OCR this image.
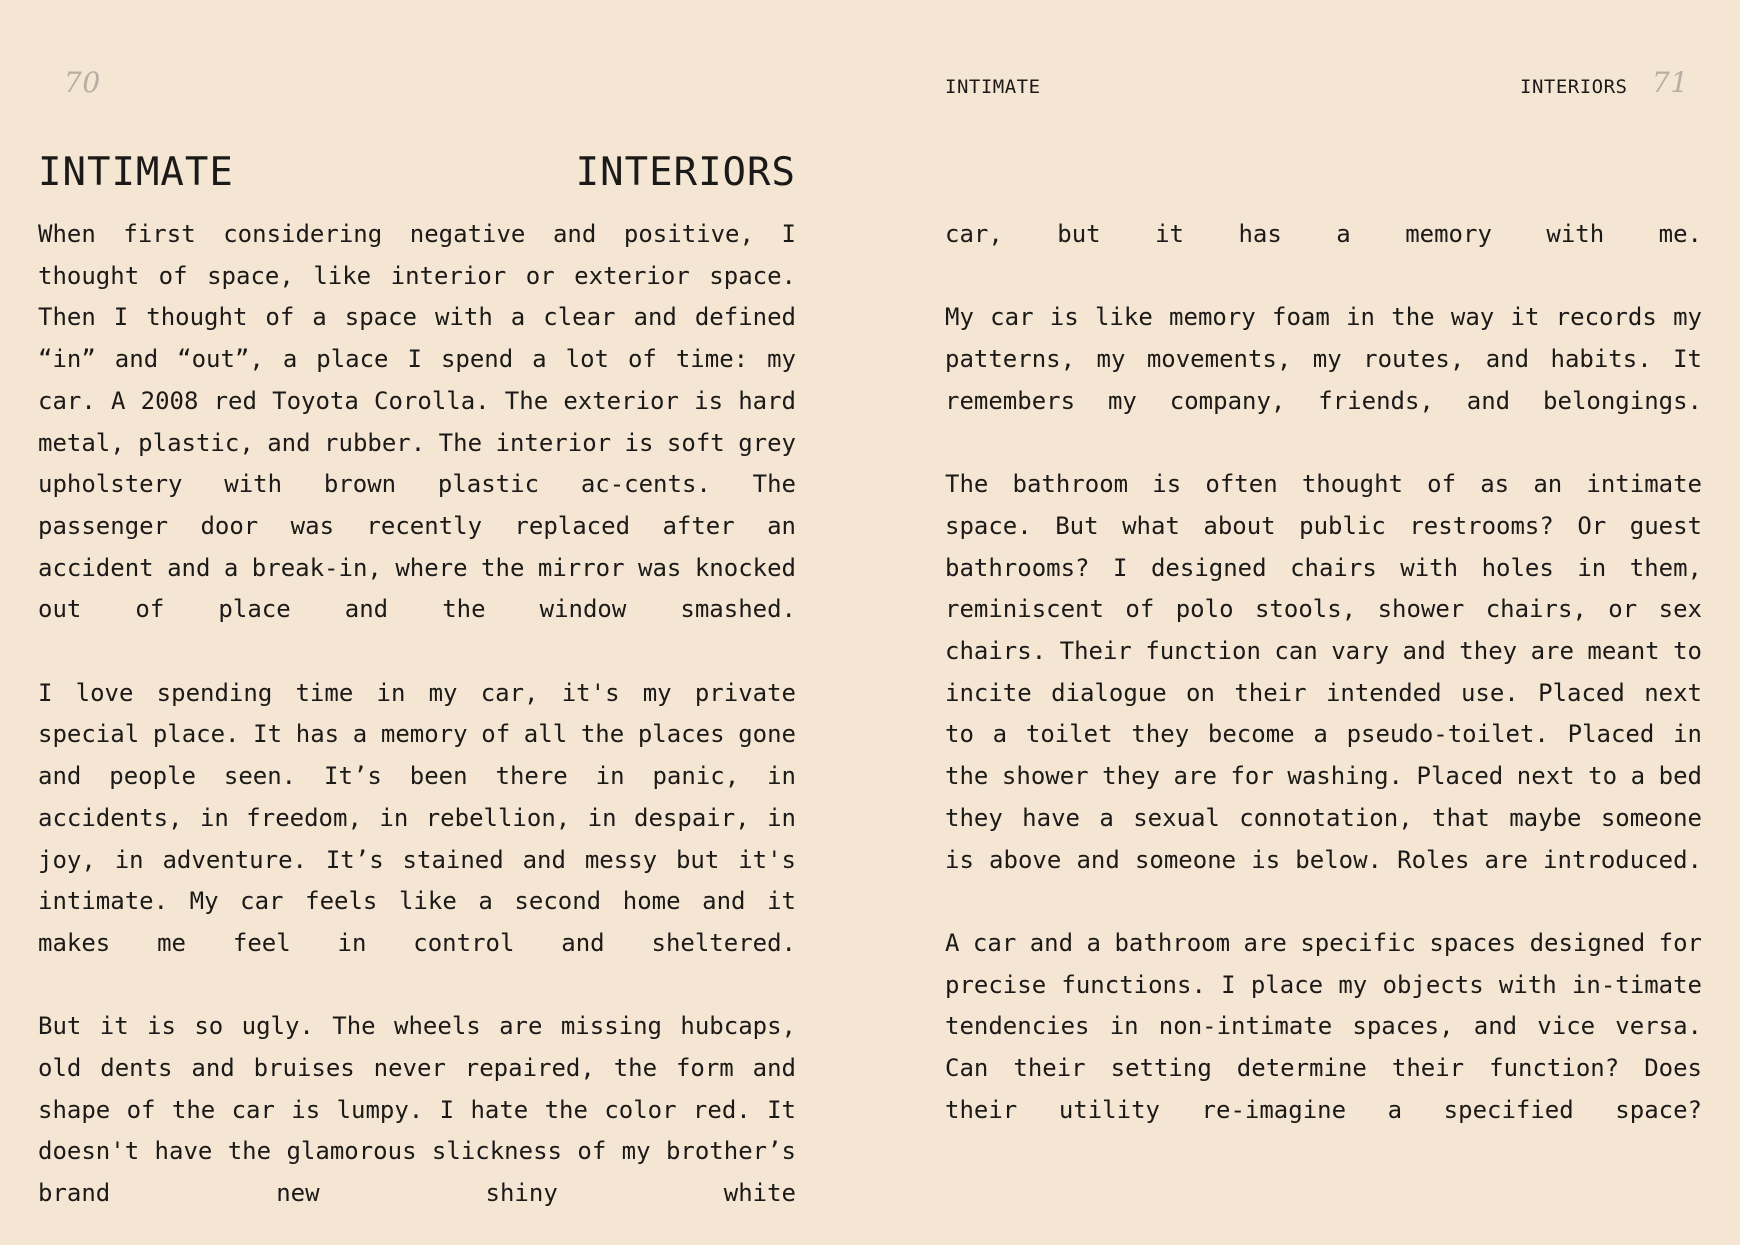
70
INTIMATE	INTERIORS

When first considering negative and positive, I thought of space, like interior or exterior space. Then I thought of a space with a clear and defined “in” and “out”, a place I spend a lot of time: my car. A 2008 red Toyota Corolla. The exterior is hard metal, plastic, and rubber. The interior is soft grey upholstery with brown plastic ac-cents. The passenger door was recently replaced after an accident and a break-in, where the mirror was knocked out of place and the window smashed.

I love spending time in my car, it's my private special place. It has a memory of all the places gone and people seen. It’s been there in panic, in accidents, in freedom, in rebellion, in despair, in joy, in adventure. It’s stained and messy but it's intimate. My car feels like a second home and it makes me feel in control and sheltered.

But it is so ugly. The wheels are missing hubcaps, old dents and bruises never repaired, the form and shape of the car is lumpy. I hate the color red. It doesn't have the glamorous slickness of my brother’s brand new shiny white

INTIMATE	INTERIORS 71

car, but it has a memory with me.

My car is like memory foam in the way it records my patterns, my movements, my routes, and habits. It remembers my company, friends, and belongings.

The bathroom is often thought of as an intimate space. But what about public restrooms? Or guest bathrooms? I designed chairs with holes in them, reminiscent of polo stools, shower chairs, or sex chairs. Their function can vary and they are meant to incite dialogue on their intended use. Placed next to a toilet they become a pseudo-toilet. Placed in the shower they are for washing. Placed next to a bed they have a sexual connotation, that maybe someone is above and someone is below. Roles are introduced.

A car and a bathroom are specific spaces designed for precise functions. I place my objects with in-timate tendencies in non-intimate spaces, and vice versa. Can their setting determine their function? Does their utility re-imagine a specified space?
